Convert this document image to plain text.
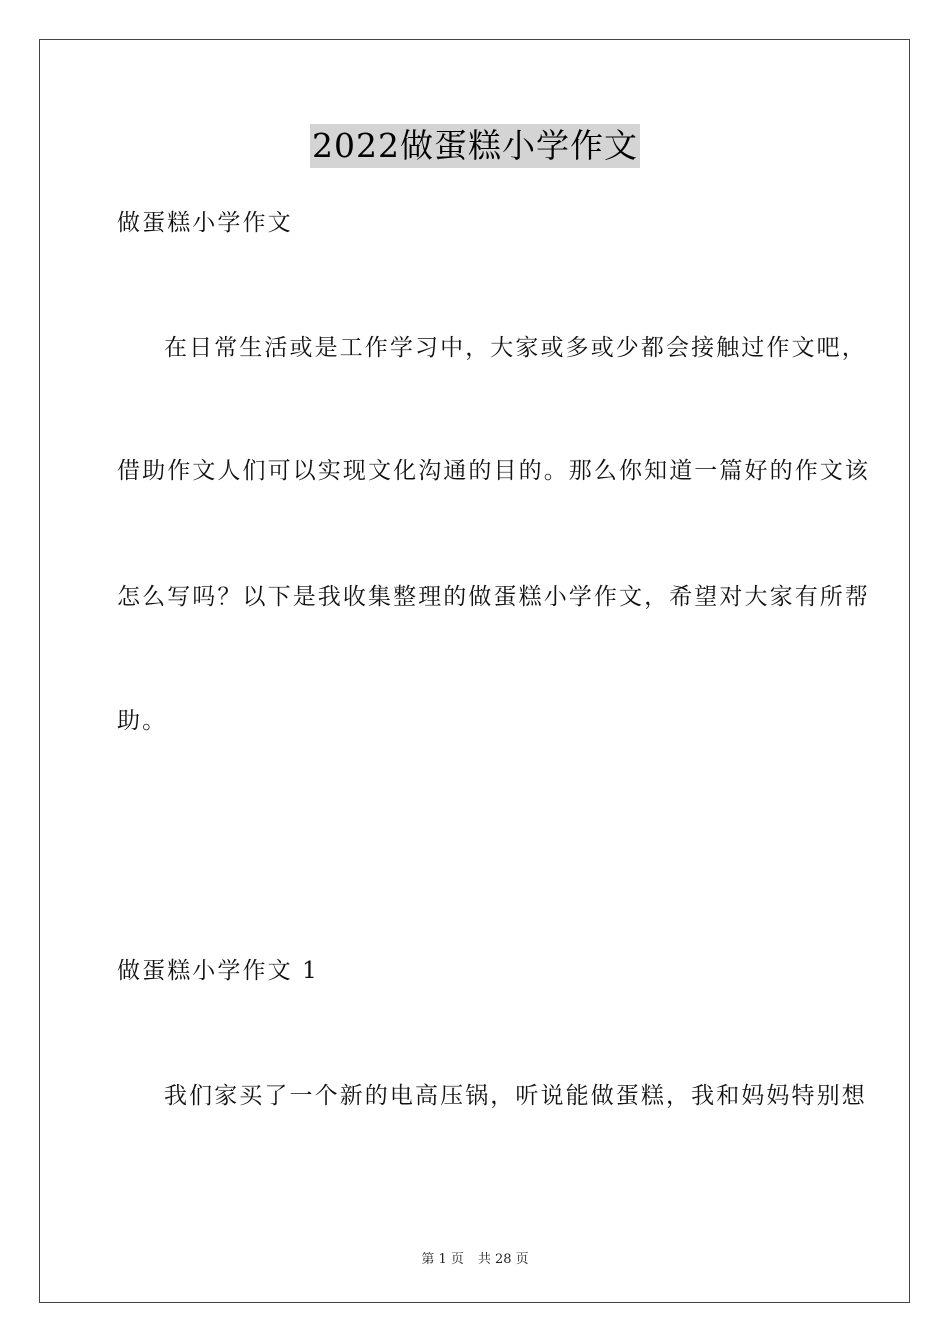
2022做蛋糕小学作文
做蛋糕小学作文
在日常生活或是工作学习中，大家或多或少都会接触过作文吧，
借助作文人们可以实现文化沟通的目的。那么你知道一篇好的作文该
怎么写吗？以下是我收集整理的做蛋糕小学作文，希望对大家有所帮
助。
做蛋糕小学作文 1
我们家买了一个新的电高压锅，听说能做蛋糕，我和妈妈特别想
第 1 页 共 28 页
